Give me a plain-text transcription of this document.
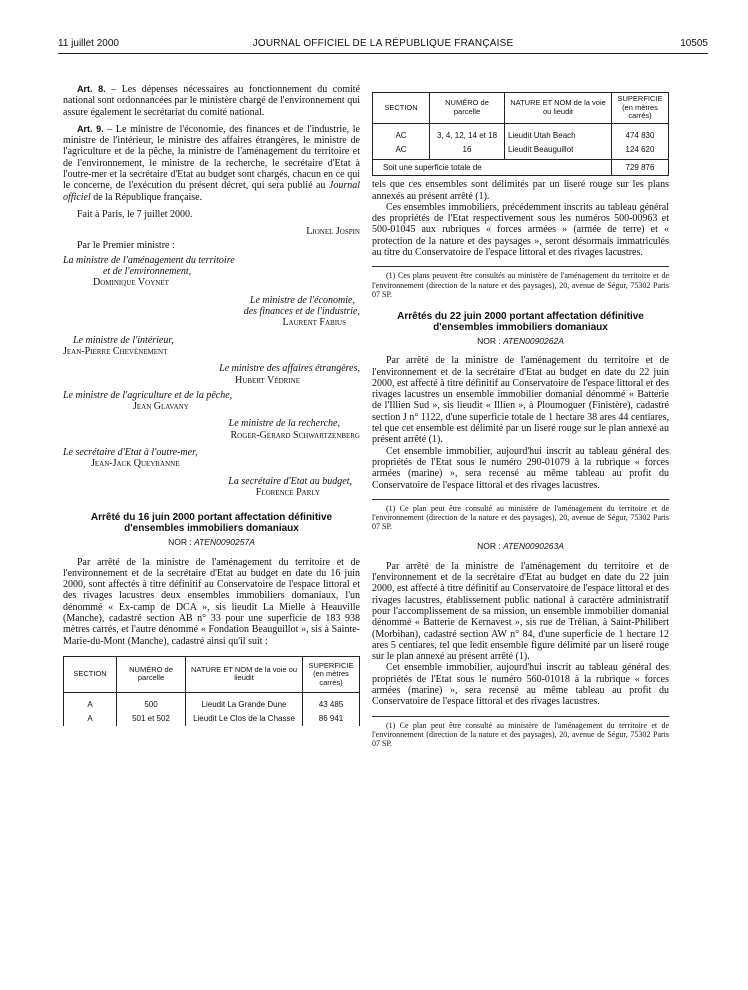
11 juillet 2000	JOURNAL OFFICIEL DE LA RÉPUBLIQUE FRANÇAISE	10505

Art. 8. – Les dépenses nécessaires au fonctionnement du comité national sont ordonnancées par le ministère chargé de l'environnement qui assure également le secrétariat du comité national.

Art. 9. – Le ministre de l'économie, des finances et de l'industrie, le ministre de l'intérieur, le ministre des affaires étrangères, le ministre de l'agriculture et de la pêche, la ministre de l'aménagement du territoire et de l'environnement, le ministre de la recherche, le secrétaire d'Etat à l'outre-mer et la secrétaire d'Etat au budget sont chargés, chacun en ce qui le concerne, de l'exécution du présent décret, qui sera publié au Journal officiel de la République française.

Fait à Paris, le 7 juillet 2000.

Lionel Jospin

Par le Premier ministre :

La ministre de l'aménagement du territoire

et de l'environnement,

Dominique Voynet

Le ministre de l'économie,

des finances et de l'industrie,

Laurent Fabius

Le ministre de l'intérieur,

Jean-Pierre Chevènement

Le ministre des affaires étrangères,

Hubert Védrine

Le ministre de l'agriculture et de la pêche,

Jean Glavany

Le ministre de la recherche,

Roger-Gérard Schwartzenberg

Le secrétaire d'Etat à l'outre-mer,

Jean-Jack Queyranne

La secrétaire d'Etat au budget,

Florence Parly

Arrêté du 16 juin 2000 portant affectation définitive d'ensembles immobiliers domaniaux

NOR : ATEN0090257A

Par arrêté de la ministre de l'aménagement du territoire et de l'environnement et de la secrétaire d'Etat au budget en date du 16 juin 2000, sont affectés à titre définitif au Conservatoire de l'espace littoral et des rivages lacustres deux ensembles immobiliers domaniaux, l'un dénommé « Ex-camp de DCA », sis lieudit La Mielle à Heauville (Manche), cadastré section AB n° 33 pour une superficie de 183 938 mètres carrés, et l'autre dénommé « Fondation Beauguillot », sis à Sainte-Marie-du-Mont (Manche), cadastré ainsi qu'il suit :

SECTION	NUMÉRO de parcelle	NATURE ET NOM de la voie ou lieudit	SUPERFICIE (en mètres carrés)

A	500	Lieudit La Grande Dune	43 485
A	501 et 502	Lieudit Le Clos de la Chasse	86 941
SECTION	NUMÉRO de parcelle	NATURE ET NOM de la voie ou lieudit	SUPERFICIE (en mètres carrés)

AC	3, 4, 12, 14 et 18	Lieudit Utah Beach	474 830
AC	16	Lieudit Beauguillot	124 620
Soit une superficie totale de			729 876

tels que ces ensembles sont délimités par un liseré rouge sur les plans annexés au présent arrêté (1).

Ces ensembles immobiliers, précédemment inscrits au tableau général des propriétés de l'Etat respectivement sous les numéros 500-00963 et 500-01045 aux rubriques « forces armées » (armée de terre) et « protection de la nature et des paysages », seront désormais immatriculés au titre du Conservatoire de l'espace littoral et des rivages lacustres.

(1) Ces plans peuvent être consultés au ministère de l'aménagement du territoire et de l'environnement (direction de la nature et des paysages), 20, avenue de Ségur, 75302 Paris 07 SP.

Arrêtés du 22 juin 2000 portant affectation définitive d'ensembles immobiliers domaniaux

NOR : ATEN0090262A

Par arrêté de la ministre de l'aménagement du territoire et de l'environnement et de la secrétaire d'Etat au budget en date du 22 juin 2000, est affecté à titre définitif au Conservatoire de l'espace littoral et des rivages lacustres un ensemble immobilier domanial dénommé « Batterie de l'Illien Sud », sis lieudit « Illien », à Ploumoguer (Finistère), cadastré section J n° 1122, d'une superficie totale de 1 hectare 38 ares 44 centiares, tel que cet ensemble est délimité par un liseré rouge sur le plan annexé au présent arrêté (1).

Cet ensemble immobilier, aujourd'hui inscrit au tableau général des propriétés de l'Etat sous le numéro 290-01079 à la rubrique « forces armées (marine) », sera recensé au même tableau au profit du Conservatoire de l'espace littoral et des rivages lacustres.

(1) Ce plan peut être consulté au ministère de l'aménagement du territoire et de l'environnement (direction de la nature et des paysages), 20, avenue de Ségur, 75302 Paris 07 SP.

NOR : ATEN0090263A

Par arrêté de la ministre de l'aménagement du territoire et de l'environnement et de la secrétaire d'Etat au budget en date du 22 juin 2000, est affecté à titre définitif au Conservatoire de l'espace littoral et des rivages lacustres, établissement public national à caractère administratif pour l'accomplissement de sa mission, un ensemble immobilier domanial dénommé « Batterie de Kernavest », sis rue de Trélian, à Saint-Philibert (Morbihan), cadastré section AW n° 84, d'une superficie de 1 hectare 12 ares 5 centiares, tel que ledit ensemble figure délimité par un liseré rouge sur le plan annexé au présent arrêté (1).

Cet ensemble immobilier, aujourd'hui inscrit au tableau général des propriétés de l'Etat sous le numéro 560-01018 à la rubrique « forces armées (marine) », sera recensé au même tableau au profit du Conservatoire de l'espace littoral et des rivages lacustres.

(1) Ce plan peut être consulté au ministère de l'aménagement du territoire et de l'environnement (direction de la nature et des paysages), 20, avenue de Ségur, 75302 Paris 07 SP.
